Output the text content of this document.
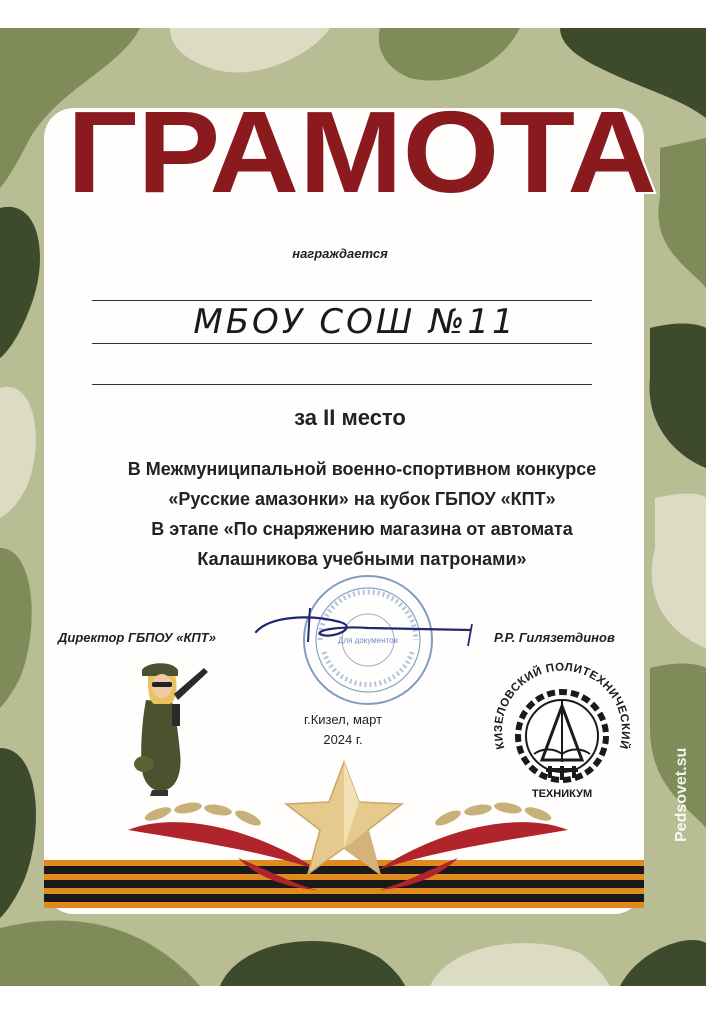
ГРАМОТА
награждается
МБОУ СОШ №11
за II место
В Межмуниципальной военно-спортивном конкурсе
«Русские амазонки» на кубок ГБПОУ «КПТ»
В этапе «По снаряжению магазина от автомата
Калашникова учебными патронами»
Для документов
Директор ГБПОУ «КПТ»	Р.Р. Гилязетдинов
г.Кизел, март
2024 г.	КИЗЕЛОВСКИЙ ПОЛИТЕХНИЧЕСКИЙ
ТЕХНИКУМ	Pedsovet.su
